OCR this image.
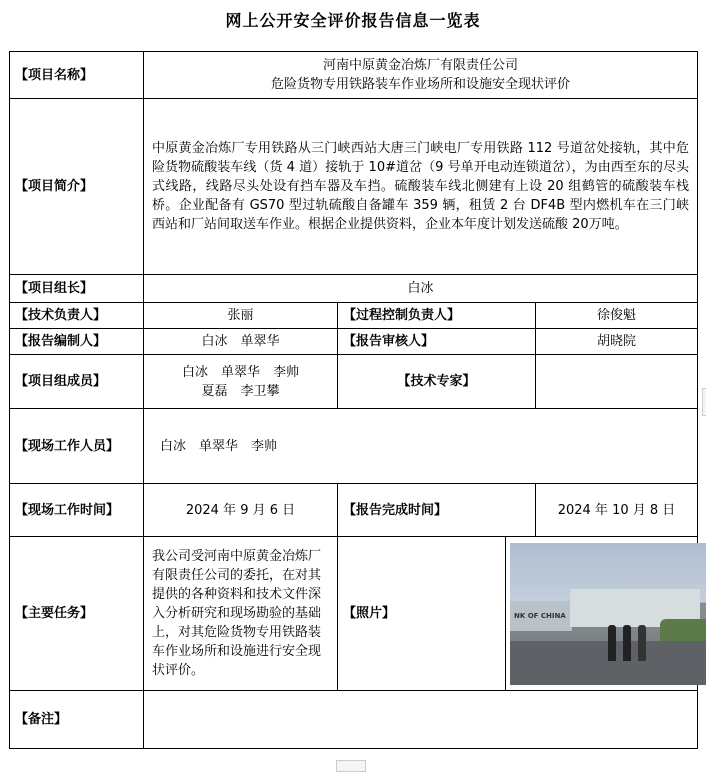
网上公开安全评价报告信息一览表
【项目名称】	河南中原黄金冶炼厂有限责任公司
危险货物专用铁路装车作业场所和设施安全现状评价			

【项目简介】	中原黄金冶炼厂专用铁路从三门峡西站大唐三门峡电厂专用铁路 112 号道岔处接轨，其中危险货物硫酸装车线（货 4 道）接轨于 10#道岔（9 号单开电动连锁道岔），为由西至东的尽头式线路，线路尽头处设有挡车器及车挡。硫酸装车线北侧建有上设 20 组鹤管的硫酸装车栈桥。企业配备有 GS70 型过轨硫酸自备罐车 359 辆，租赁 2 台 DF4B 型内燃机车在三门峡西站和厂站间取送车作业。根据企业提供资料，企业本年度计划发送硫酸 20万吨。			
【项目组长】	白冰			
【技术负责人】	张丽	【过程控制负责人】		徐俊魁
【报告编制人】	白冰　单翠华	【报告审核人】		胡晓院
【项目组成员】	白冰　单翠华　李帅
夏磊　李卫攀	【技术专家】		
【现场工作人员】	白冰　单翠华　李帅			
【现场工作时间】	2024 年 9 月 6 日	【报告完成时间】		2024 年 10 月 8 日
【主要任务】	我公司受河南中原黄金冶炼厂有限责任公司的委托，在对其提供的各种资料和技术文件深入分析研究和现场勘验的基础上，对其危险货物专用铁路装车作业场所和设施进行安全现状评价。	【照片】	NK OF CHINA	

【备注】				
